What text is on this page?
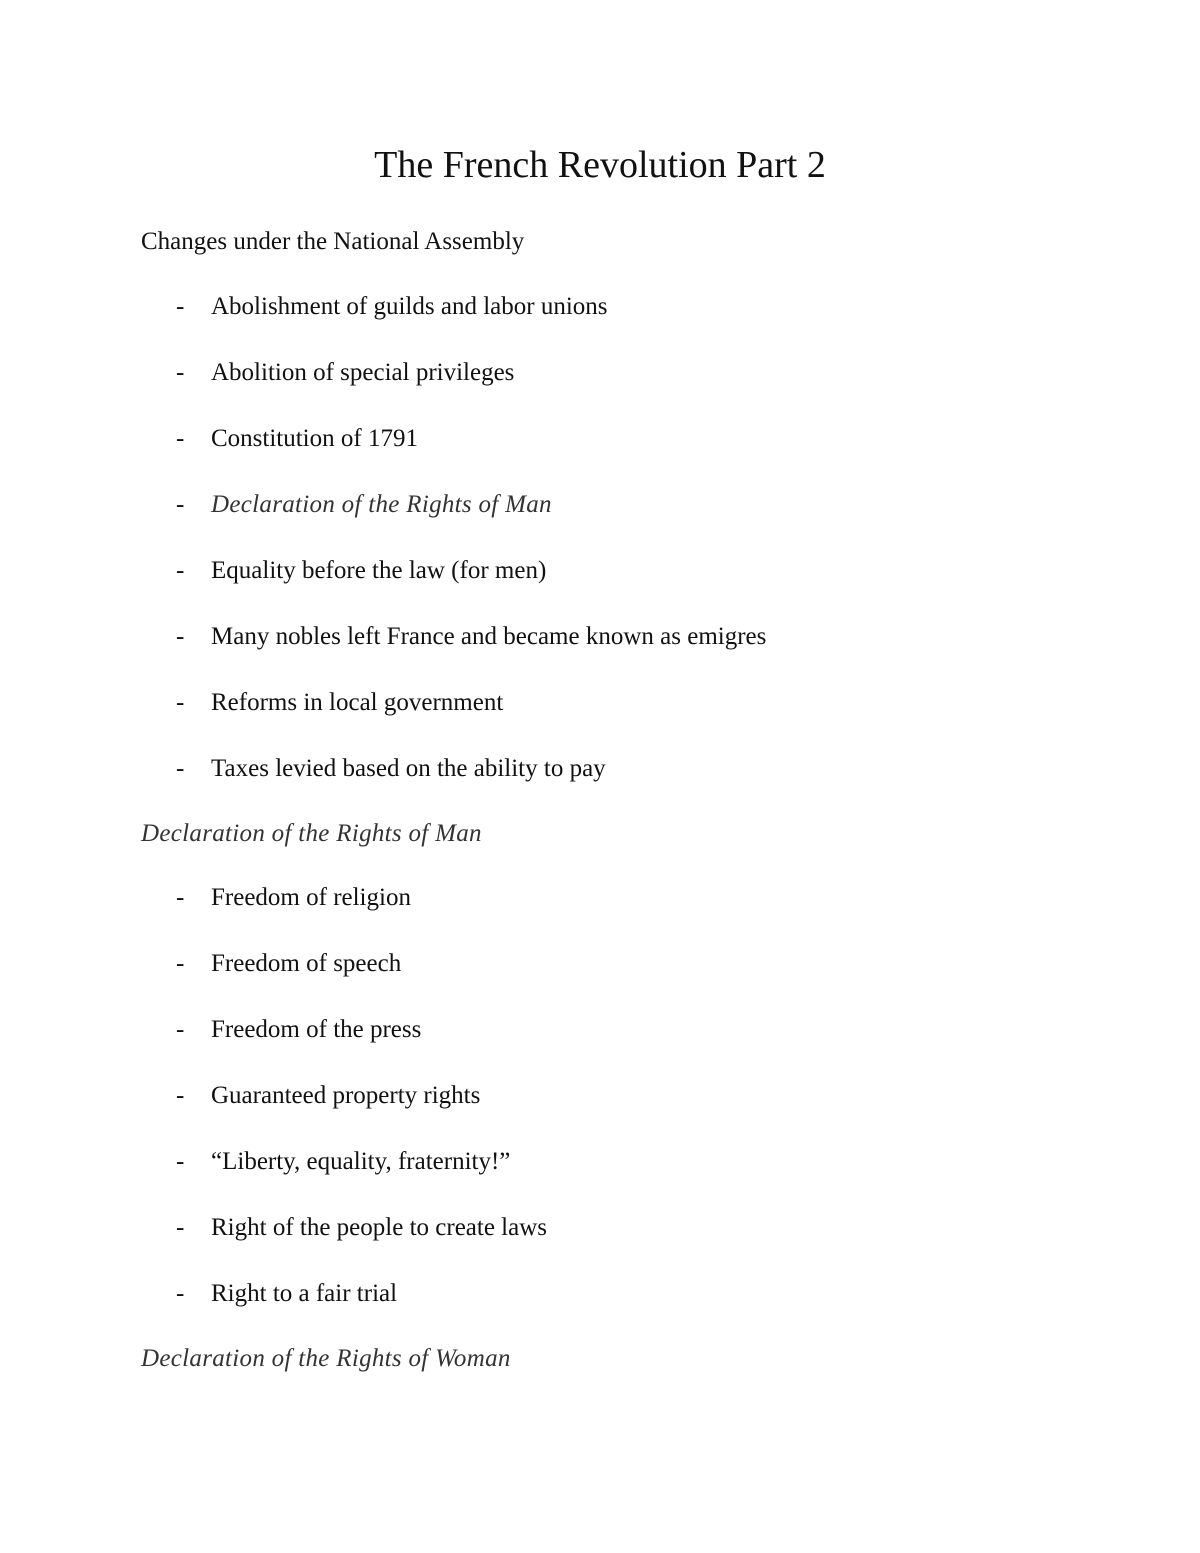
The French Revolution Part 2
Changes under the National Assembly
- Abolishment of guilds and labor unions
- Abolition of special privileges
- Constitution of 1791
- Declaration of the Rights of Man
- Equality before the law (for men)
- Many nobles left France and became known as emigres
- Reforms in local government
- Taxes levied based on the ability to pay
Declaration of the Rights of Man
- Freedom of religion
- Freedom of speech
- Freedom of the press
- Guaranteed property rights
- “Liberty, equality, fraternity!”
- Right of the people to create laws
- Right to a fair trial
Declaration of the Rights of Woman
